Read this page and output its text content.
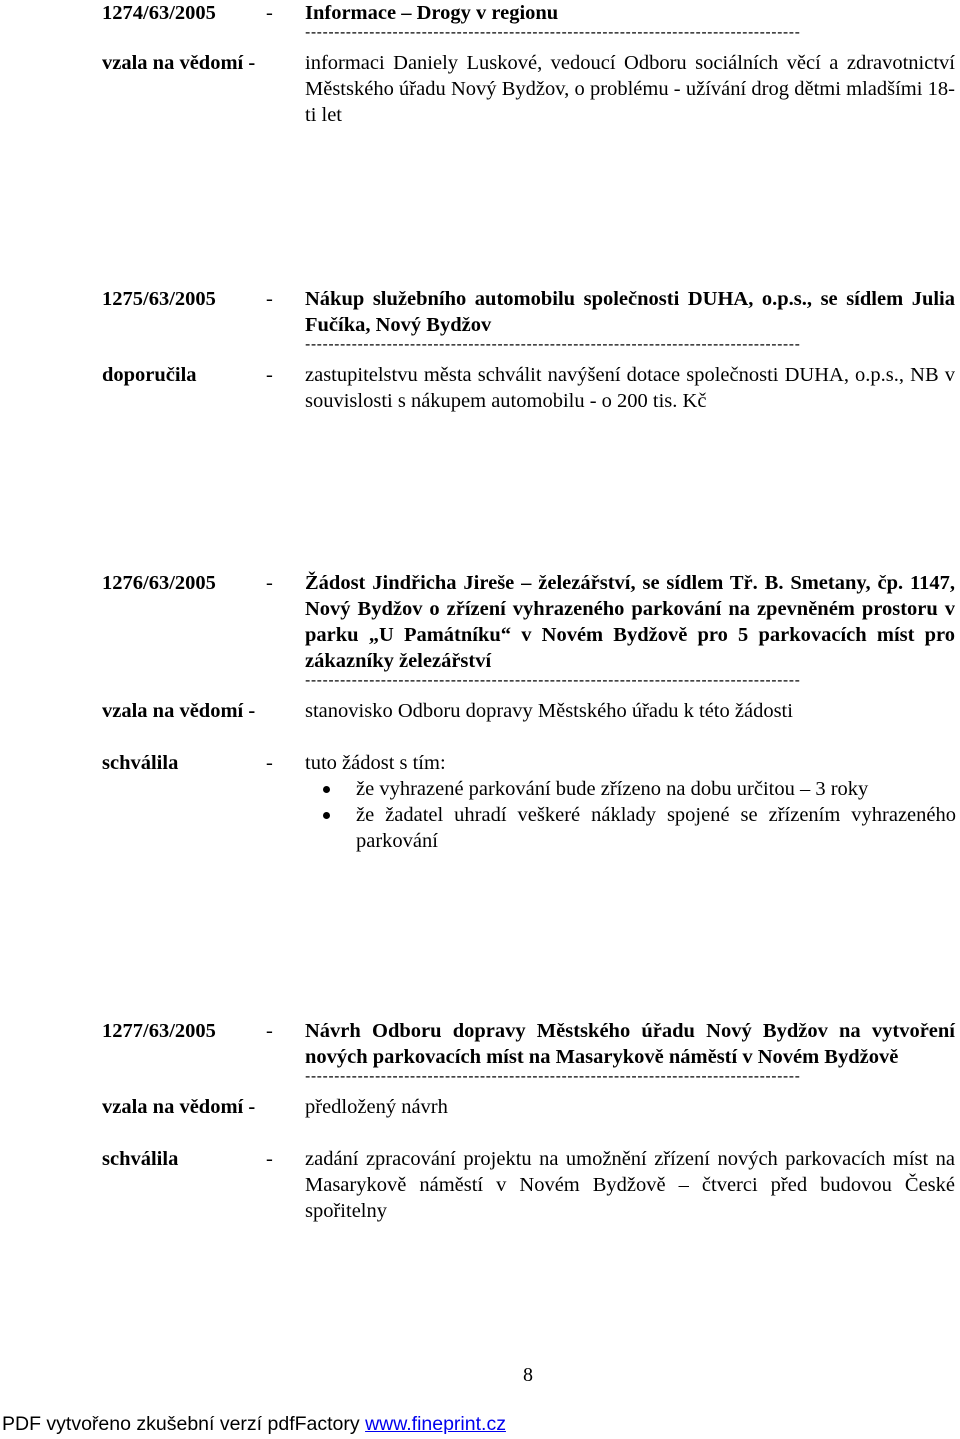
1274/63/2005 - Informace – Drogy v regionu
-------------------------------------------------------------------------------------
vzala na vědomí - informaci Daniely Luskové, vedoucí Odboru sociálních věcí a zdravotnictví Městského úřadu Nový Bydžov, o problému - užívání drog dětmi mladšími 18-ti let
1275/63/2005 - Nákup služebního automobilu společnosti DUHA, o.p.s., se sídlem Julia Fučíka, Nový Bydžov
-------------------------------------------------------------------------------------
doporučila	- zastupitelstvu města schválit navýšení dotace společnosti DUHA, o.p.s., NB v souvislosti s nákupem automobilu - o 200 tis. Kč
1276/63/2005 - Žádost Jindřicha Jireše – železářství, se sídlem Tř. B. Smetany, čp. 1147, Nový Bydžov o zřízení vyhrazeného parkování na zpevněném prostoru v parku „U Památníku“ v Novém Bydžově pro 5 parkovacích míst pro zákazníky železářství
-------------------------------------------------------------------------------------
vzala na vědomí - stanovisko Odboru dopravy Městského úřadu k této žádosti
schválila	- tuto žádost s tím:
že vyhrazené parkování bude zřízeno na dobu určitou – 3 roky
že žadatel uhradí veškeré náklady spojené se zřízením vyhrazeného parkování
1277/63/2005 - Návrh Odboru dopravy Městského úřadu Nový Bydžov na vytvoření nových parkovacích míst na Masarykově náměstí v Novém Bydžově
-------------------------------------------------------------------------------------
vzala na vědomí - předložený návrh
schválila	- zadání zpracování projektu na umožnění zřízení nových parkovacích míst na Masarykově náměstí v Novém Bydžově – čtverci před budovou České spořitelny
8
PDF vytvořeno zkušební verzí pdfFactory www.fineprint.cz
